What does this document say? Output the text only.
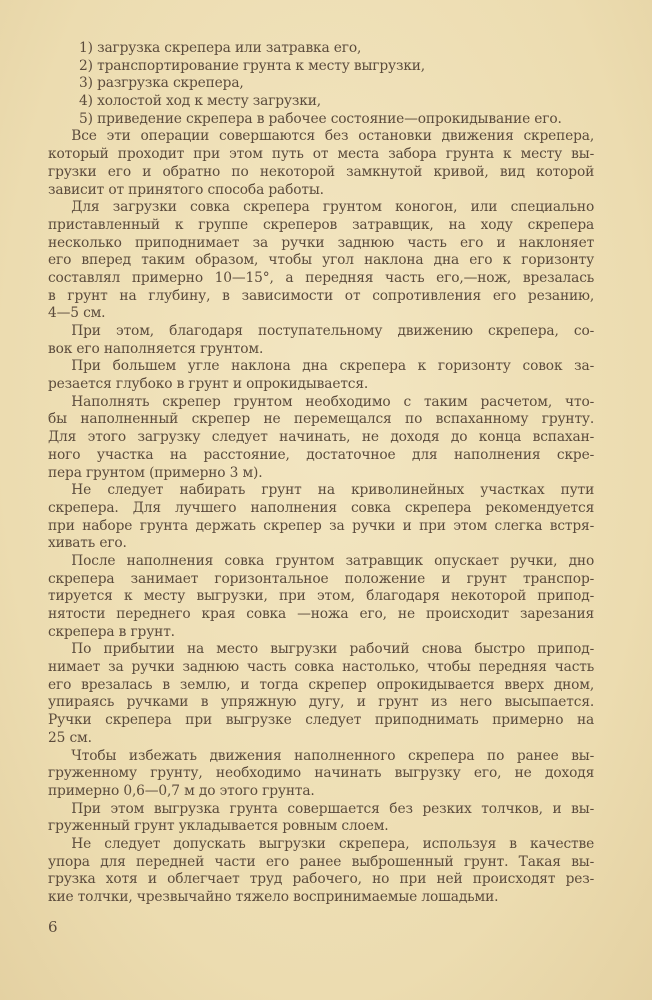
1) загрузка скрепера или затравка его,
2) транспортирование грунта к месту выгрузки,
3) разгрузка скрепера,
4) холостой ход к месту загрузки,
5) приведение скрепера в рабочее состояние—опрокидывание его.
Все эти операции совершаются без остановки движения скрепера,
который проходит при этом путь от места забора грунта к месту вы-
грузки его и обратно по некоторой замкнутой кривой, вид которой
зависит от принятого способа работы.
Для загрузки совка скрепера грунтом коногон, или специально
приставленный к группе скреперов затравщик, на ходу скрепера
несколько приподнимает за ручки заднюю часть его и наклоняет
его вперед таким образом, чтобы угол наклона дна его к горизонту
составлял примерно 10—15°, а передняя часть его,—нож, врезалась
в грунт на глубину, в зависимости от сопротивления его резанию,
4—5 см.
При этом, благодаря поступательному движению скрепера, со-
вок его наполняется грунтом.
При большем угле наклона дна скрепера к горизонту совок за-
резается глубоко в грунт и опрокидывается.
Наполнять скрепер грунтом необходимо с таким расчетом, что-
бы наполненный скрепер не перемещался по вспаханному грунту.
Для этого загрузку следует начинать, не доходя до конца вспахан-
ного участка на расстояние, достаточное для наполнения скре-
пера грунтом (примерно 3 м).
Не следует набирать грунт на криволинейных участках пути
скрепера. Для лучшего наполнения совка скрепера рекомендуется
при наборе грунта держать скрепер за ручки и при этом слегка встря-
хивать его.
После наполнения совка грунтом затравщик опускает ручки, дно
скрепера занимает горизонтальное положение и грунт транспор-
тируется к месту выгрузки, при этом, благодаря некоторой припод-
нятости переднего края совка —ножа его, не происходит зарезания
скрепера в грунт.
По прибытии на место выгрузки рабочий снова быстро припод-
нимает за ручки заднюю часть совка настолько, чтобы передняя часть
его врезалась в землю, и тогда скрепер опрокидывается вверх дном,
упираясь ручками в упряжную дугу, и грунт из него высыпается.
Ручки скрепера при выгрузке следует приподнимать примерно на
25 см.
Чтобы избежать движения наполненного скрепера по ранее вы-
груженному грунту, необходимо начинать выгрузку его, не доходя
примерно 0,6—0,7 м до этого грунта.
При этом выгрузка грунта совершается без резких толчков, и вы-
груженный грунт укладывается ровным слоем.
Не следует допускать выгрузки скрепера, используя в качестве
упора для передней части его ранее выброшенный грунт. Такая вы-
грузка хотя и облегчает труд рабочего, но при ней происходят рез-
кие толчки, чрезвычайно тяжело воспринимаемые лошадьми.
6
